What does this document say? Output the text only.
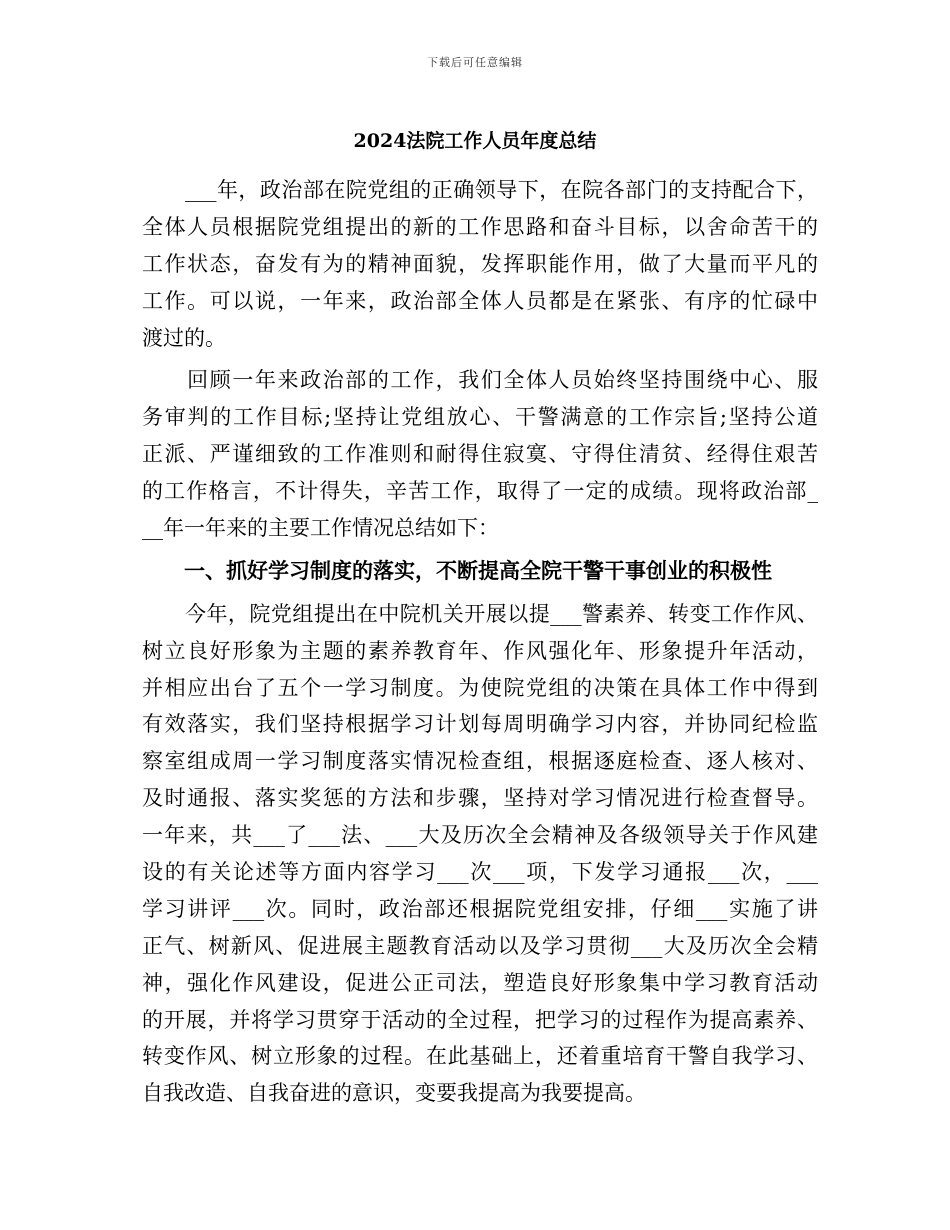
下载后可任意编辑
2024法院工作人员年度总结
　　___年，政治部在院党组的正确领导下，在院各部门的支持配合下，
全体人员根据院党组提出的新的工作思路和奋斗目标，以舍命苦干的
工作状态，奋发有为的精神面貌，发挥职能作用，做了大量而平凡的
工作。可以说，一年来，政治部全体人员都是在紧张、有序的忙碌中
渡过的。
　　回顾一年来政治部的工作，我们全体人员始终坚持围绕中心、服
务审判的工作目标;坚持让党组放心、干警满意的工作宗旨;坚持公道
正派、严谨细致的工作准则和耐得住寂寞、守得住清贫、经得住艰苦
的工作格言，不计得失，辛苦工作，取得了一定的成绩。现将政治部_
__年一年来的主要工作情况总结如下：
　　一、抓好学习制度的落实，不断提高全院干警干事创业的积极性
　　今年，院党组提出在中院机关开展以提___警素养、转变工作作风、
树立良好形象为主题的素养教育年、作风强化年、形象提升年活动，
并相应出台了五个一学习制度。为使院党组的决策在具体工作中得到
有效落实，我们坚持根据学习计划每周明确学习内容，并协同纪检监
察室组成周一学习制度落实情况检查组，根据逐庭检查、逐人核对、
及时通报、落实奖惩的方法和步骤，坚持对学习情况进行检查督导。
一年来，共___了___法、___大及历次全会精神及各级领导关于作风建
设的有关论述等方面内容学习___次___项，下发学习通报___次，___
学习讲评___次。同时，政治部还根据院党组安排，仔细___实施了讲
正气、树新风、促进展主题教育活动以及学习贯彻___大及历次全会精
神，强化作风建设，促进公正司法，塑造良好形象集中学习教育活动
的开展，并将学习贯穿于活动的全过程，把学习的过程作为提高素养、
转变作风、树立形象的过程。在此基础上，还着重培育干警自我学习、
自我改造、自我奋进的意识，变要我提高为我要提高。
